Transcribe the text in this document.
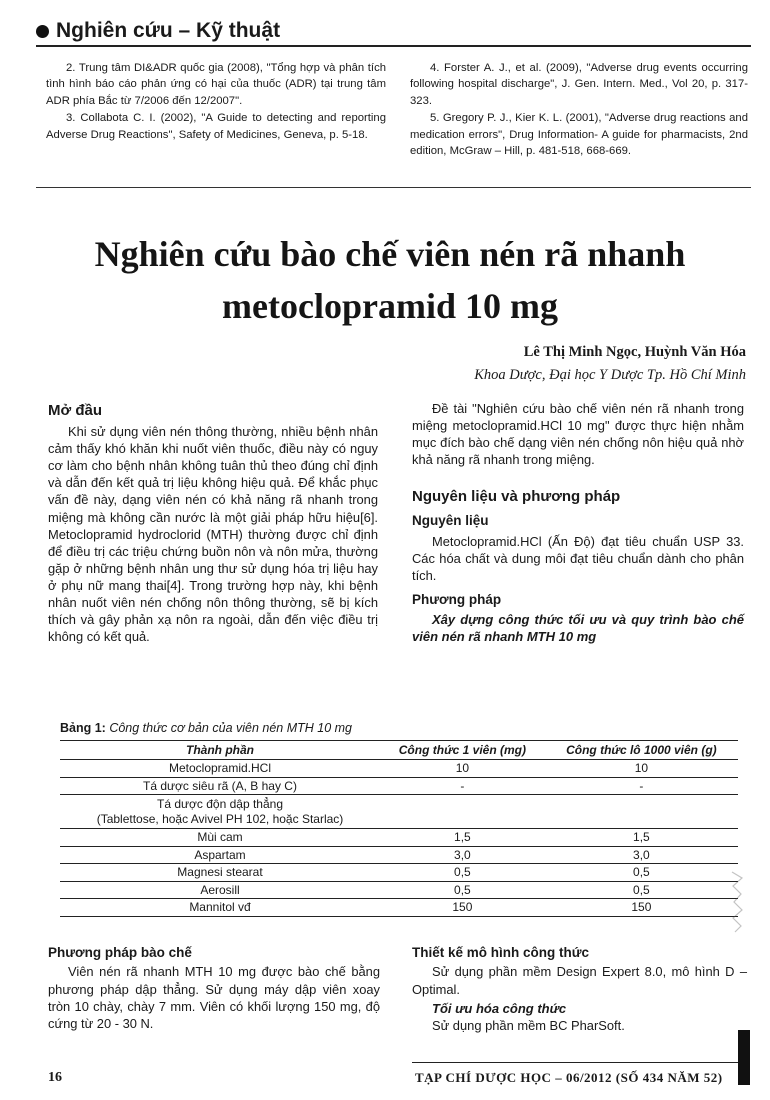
Nghiên cứu – Kỹ thuật

2. Trung tâm DI&ADR quốc gia (2008), "Tổng hợp và phân tích tình hình báo cáo phản ứng có hại của thuốc (ADR) tại trung tâm ADR phía Bắc từ 7/2006 đến 12/2007".

3. Collabota C. I. (2002), "A Guide to detecting and reporting Adverse Drug Reactions", Safety of Medicines, Geneva, p. 5-18.

4. Forster A. J., et al. (2009), "Adverse drug events occurring following hospital discharge", J. Gen. Intern. Med., Vol 20, p. 317-323.

5. Gregory P. J., Kier K. L. (2001), "Adverse drug reactions and medication errors", Drug Information- A guide for pharmacists, 2nd edition, McGraw – Hill, p. 481-518, 668-669.

Nghiên cứu bào chế viên nén rã nhanh
metoclopramid 10 mg
Lê Thị Minh Ngọc, Huỳnh Văn Hóa
Khoa Dược, Đại học Y Dược Tp. Hồ Chí Minh
Mở đầu

Khi sử dụng viên nén thông thường, nhiều bệnh nhân cảm thấy khó khăn khi nuốt viên thuốc, điều này có nguy cơ làm cho bệnh nhân không tuân thủ theo đúng chỉ định và dẫn đến kết quả trị liệu không hiệu quả. Để khắc phục vấn đề này, dạng viên nén có khả năng rã nhanh trong miệng mà không cần nước là một giải pháp hữu hiệu[6]. Metoclopramid hydroclorid (MTH) thường được chỉ định để điều trị các triệu chứng buồn nôn và nôn mửa, thường gặp ở những bệnh nhân ung thư sử dụng hóa trị liệu hay ở phụ nữ mang thai[4]. Trong trường hợp này, khi bệnh nhân nuốt viên nén chống nôn thông thường, sẽ bị kích thích và gây phản xạ nôn ra ngoài, dẫn đến việc điều trị không có kết quả.

Đề tài "Nghiên cứu bào chế viên nén rã nhanh trong miệng metoclopramid.HCl 10 mg" được thực hiện nhằm mục đích bào chế dạng viên nén chống nôn hiệu quả nhờ khả năng rã nhanh trong miệng.

Nguyên liệu và phương pháp
Nguyên liệu

Metoclopramid.HCl (Ấn Độ) đạt tiêu chuẩn USP 33. Các hóa chất và dung môi đạt tiêu chuẩn dành cho phân tích.

Phương pháp
Xây dựng công thức tối ưu và quy trình bào chế viên nén rã nhanh MTH 10 mg
Bảng 1: Công thức cơ bản của viên nén MTH 10 mg
Thành phần	Công thức 1 viên (mg)	Công thức lô 1000 viên (g)
Metoclopramid.HCl	10	10
Tá dược siêu rã (A, B hay C)	-	-
Tá dược độn dập thẳng
(Tablettose, hoặc Avivel PH 102, hoặc Starlac)		
Mùi cam	1,5	1,5
Aspartam	3,0	3,0
Magnesi stearat	0,5	0,5
Aerosill	0,5	0,5
Mannitol vđ	150	150
Phương pháp bào chế

Viên nén rã nhanh MTH 10 mg được bào chế bằng phương pháp dập thẳng. Sử dụng máy dập viên xoay tròn 10 chày, chày 7 mm. Viên có khối lượng 150 mg, độ cứng từ 20 - 30 N.

Thiết kế mô hình công thức

Sử dụng phần mềm Design Expert 8.0, mô hình D – Optimal.

Tối ưu hóa công thức

Sử dụng phần mềm BC PharSoft.

16	TẠP CHÍ DƯỢC HỌC – 06/2012 (SỐ 434 NĂM 52)
